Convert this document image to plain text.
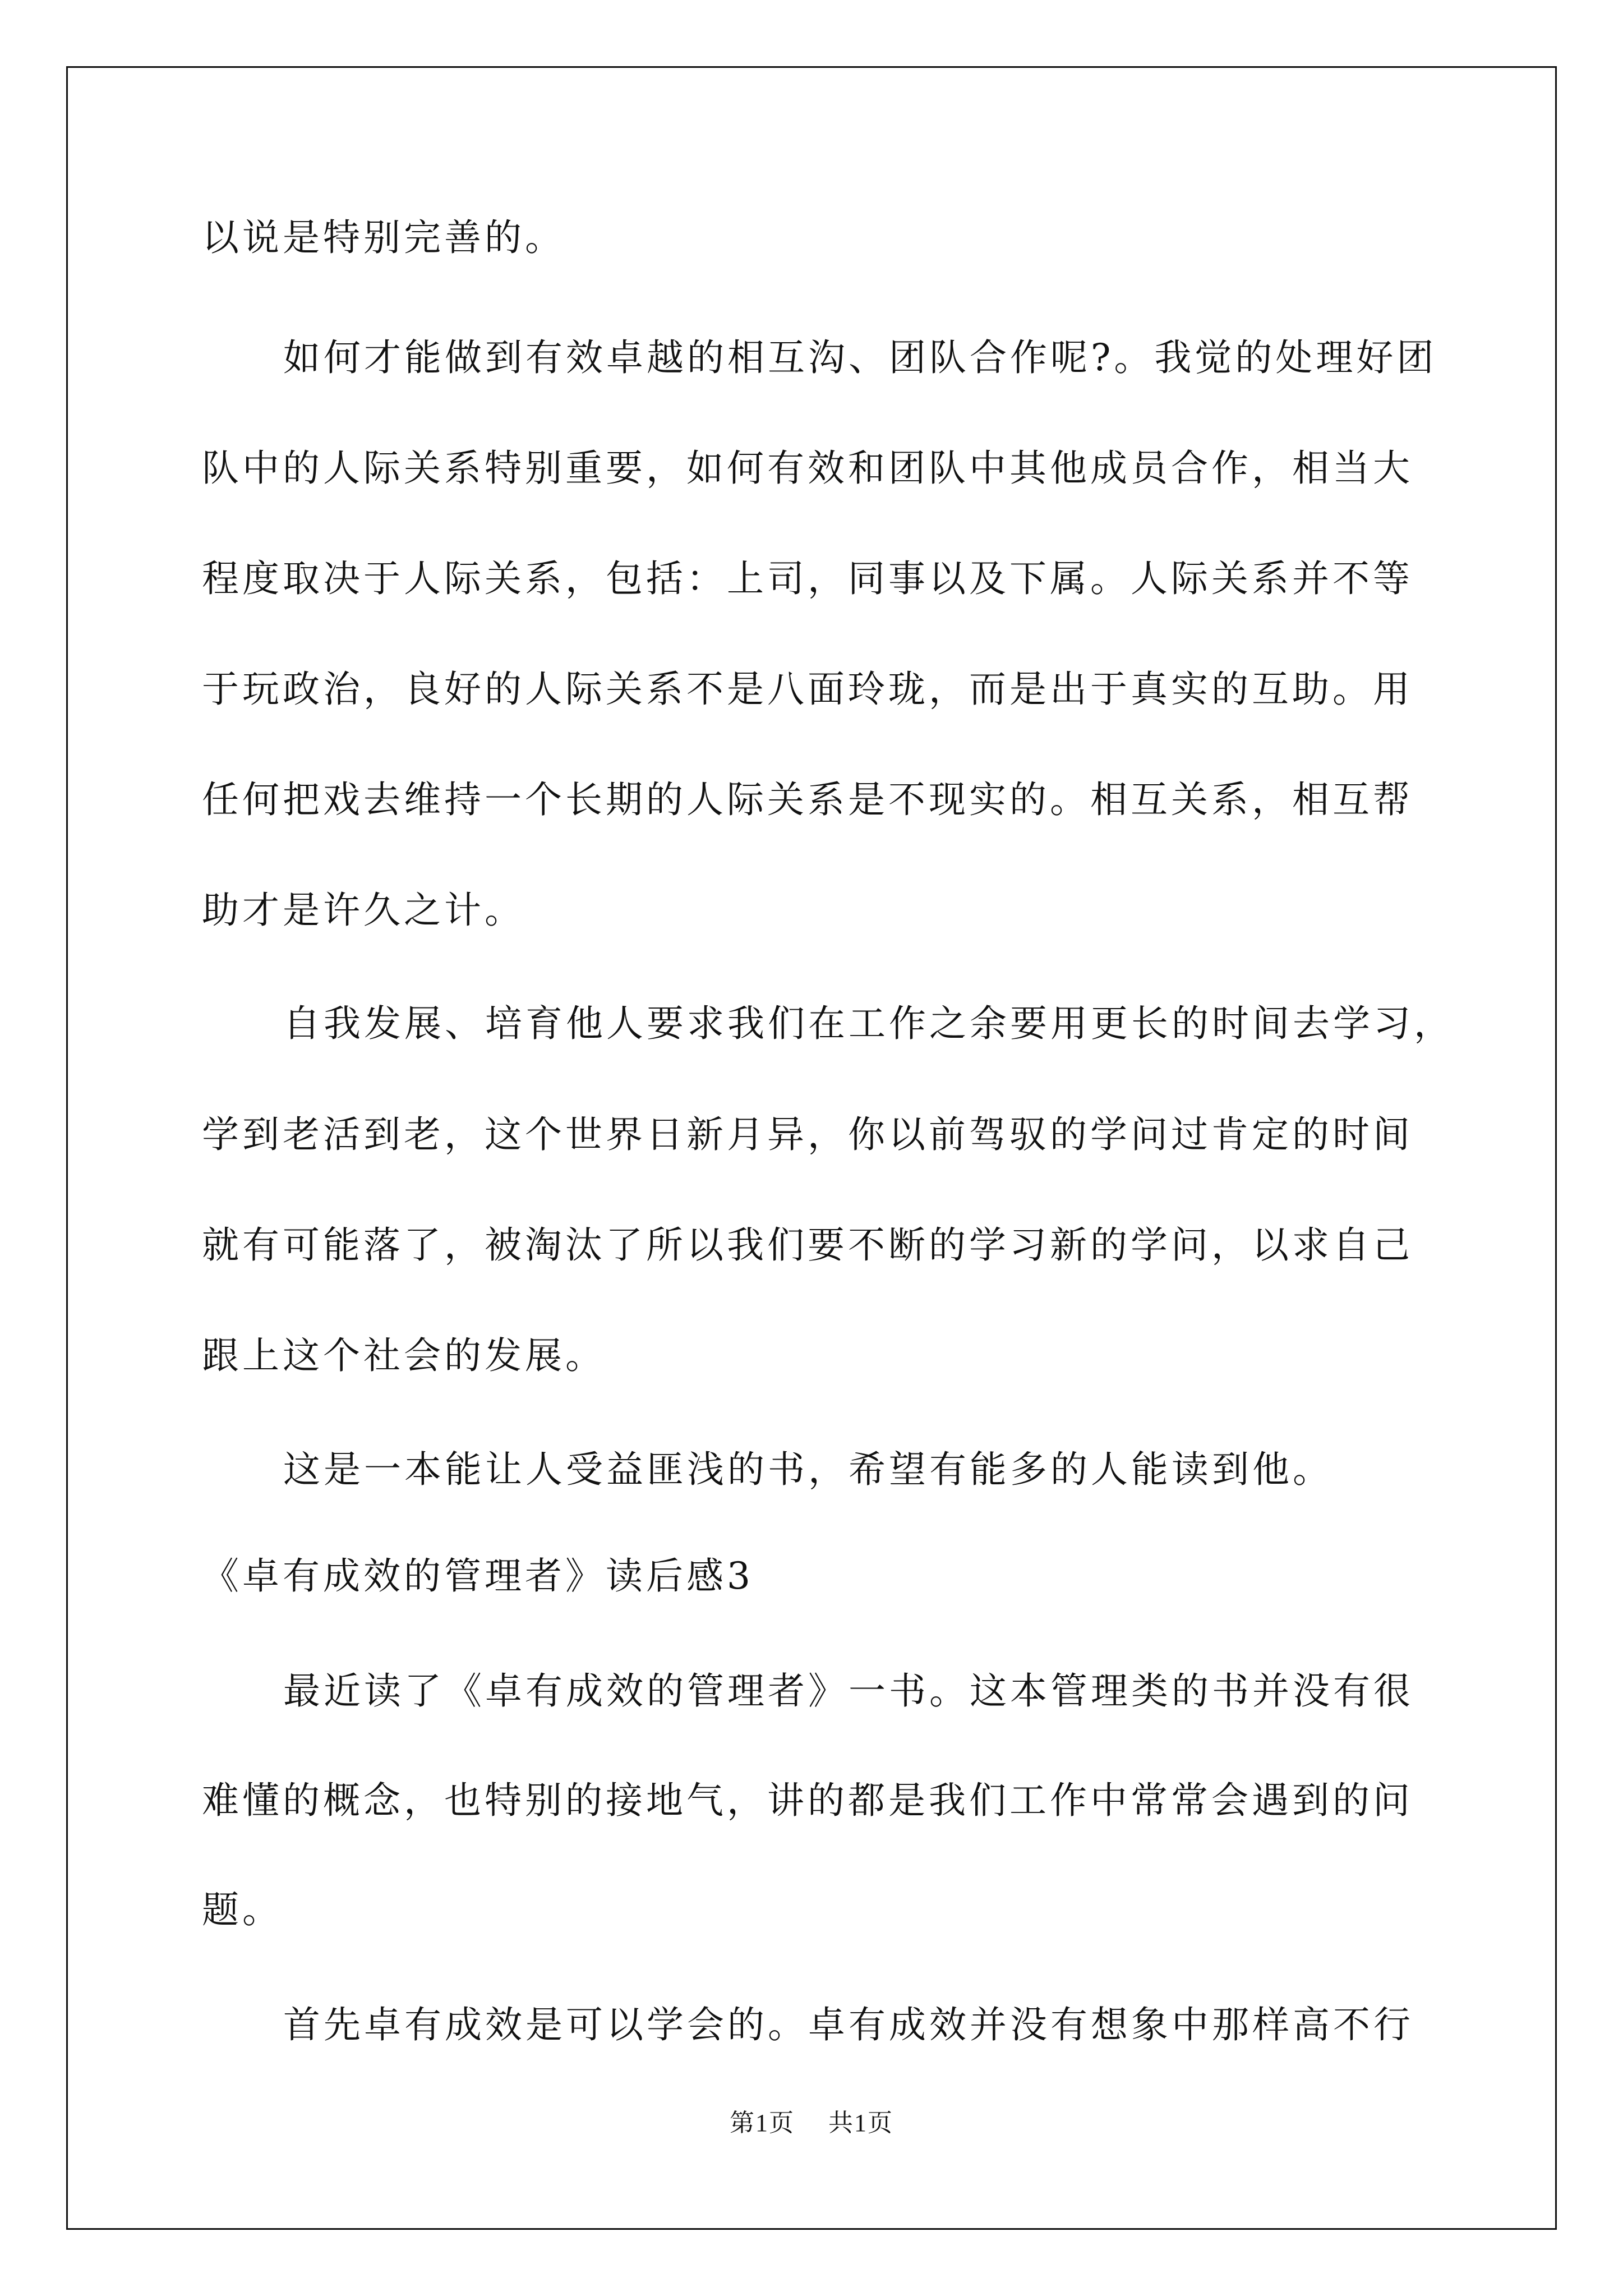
以说是特别完善的。
如何才能做到有效卓越的相互沟、团队合作呢?。我觉的处理好团
队中的人际关系特别重要，如何有效和团队中其他成员合作，相当大
程度取决于人际关系，包括：上司，同事以及下属。人际关系并不等
于玩政治，良好的人际关系不是八面玲珑，而是出于真实的互助。用
任何把戏去维持一个长期的人际关系是不现实的。相互关系，相互帮
助才是许久之计。
自我发展、培育他人要求我们在工作之余要用更长的时间去学习，
学到老活到老，这个世界日新月异，你以前驾驭的学问过肯定的时间
就有可能落了，被淘汰了所以我们要不断的学习新的学问，以求自己
跟上这个社会的发展。
这是一本能让人受益匪浅的书，希望有能多的人能读到他。
《卓有成效的管理者》读后感3
最近读了《卓有成效的管理者》一书。这本管理类的书并没有很
难懂的概念，也特别的接地气，讲的都是我们工作中常常会遇到的问
题。
首先卓有成效是可以学会的。卓有成效并没有想象中那样高不行
第1页 共1页
